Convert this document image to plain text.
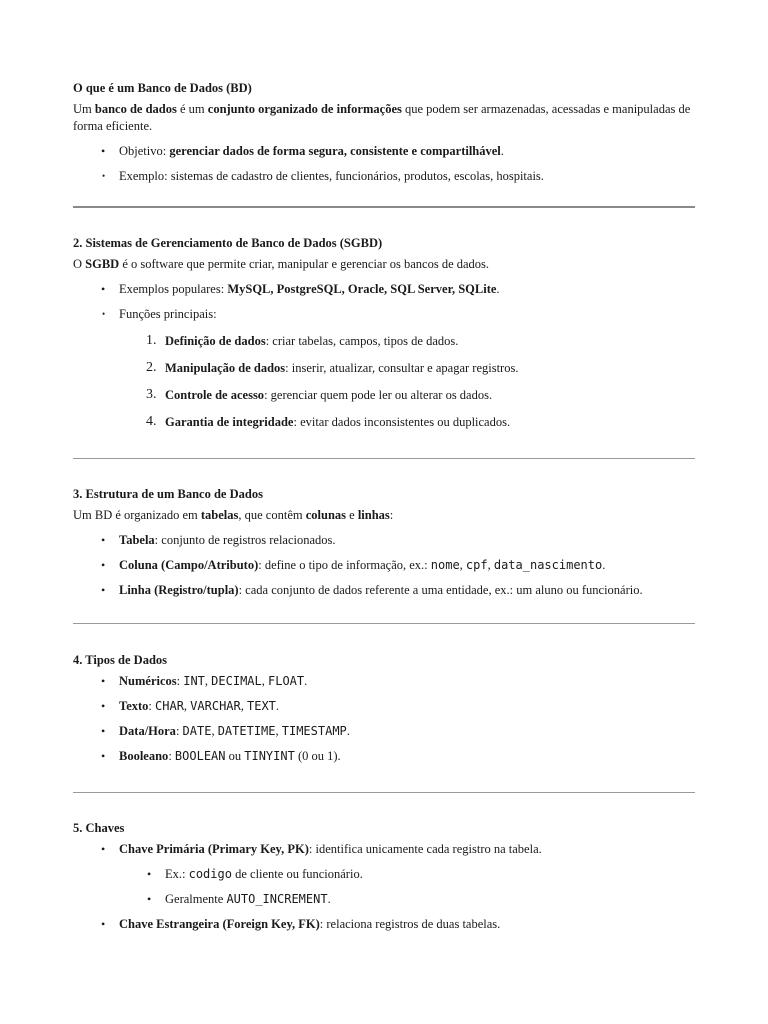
O que é um Banco de Dados (BD)

Um banco de dados é um conjunto organizado de informações que podem ser armazenadas, acessadas e manipuladas de forma eficiente.

• Objetivo: gerenciar dados de forma segura, consistente e compartilhável.
• Exemplo: sistemas de cadastro de clientes, funcionários, produtos, escolas, hospitais.

2. Sistemas de Gerenciamento de Banco de Dados (SGBD)

O SGBD é o software que permite criar, manipular e gerenciar os bancos de dados.

• Exemplos populares: MySQL, PostgreSQL, Oracle, SQL Server, SQLite.
• Funções principais:
1. Definição de dados: criar tabelas, campos, tipos de dados.
2. Manipulação de dados: inserir, atualizar, consultar e apagar registros.
3. Controle de acesso: gerenciar quem pode ler ou alterar os dados.
4. Garantia de integridade: evitar dados inconsistentes ou duplicados.

3. Estrutura de um Banco de Dados

Um BD é organizado em tabelas, que contêm colunas e linhas:

• Tabela: conjunto de registros relacionados.
• Coluna (Campo/Atributo): define o tipo de informação, ex.: nome, cpf, data_nascimento.
• Linha (Registro/tupla): cada conjunto de dados referente a uma entidade, ex.: um aluno ou funcionário.

4. Tipos de Dados

• Numéricos: INT, DECIMAL, FLOAT.
• Texto: CHAR, VARCHAR, TEXT.
• Data/Hora: DATE, DATETIME, TIMESTAMP.
• Booleano: BOOLEAN ou TINYINT (0 ou 1).

5. Chaves

• Chave Primária (Primary Key, PK): identifica unicamente cada registro na tabela.
• Ex.: codigo de cliente ou funcionário.
• Geralmente AUTO_INCREMENT.
• Chave Estrangeira (Foreign Key, FK): relaciona registros de duas tabelas.
